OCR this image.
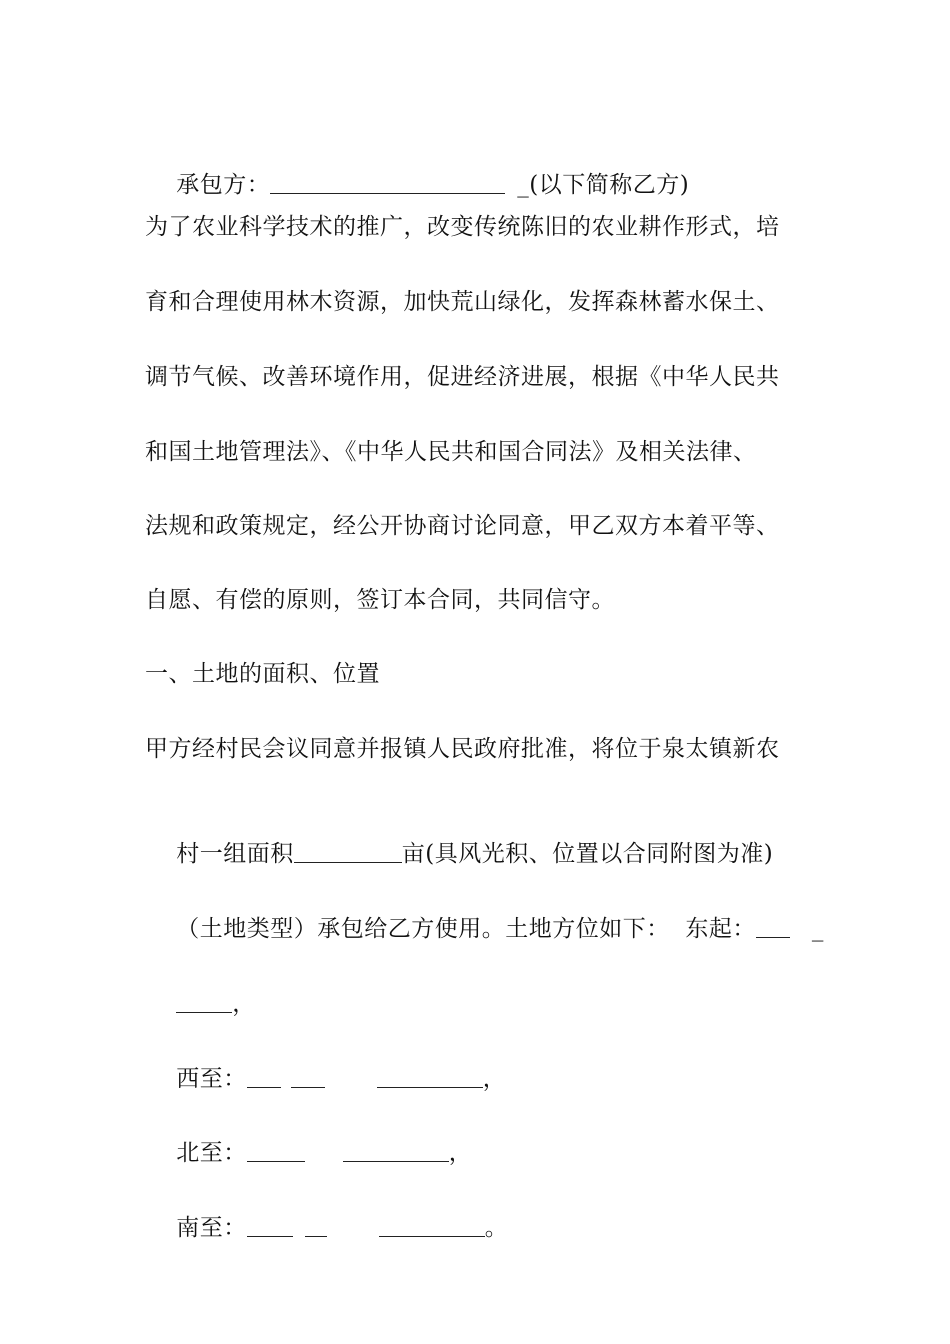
承包方：	_(以下简称乙方)

为了农业科学技术的推广，改变传统陈旧的农业耕作形式，培
育和合理使用林木资源，加快荒山绿化，发挥森林蓄水保土、
调节气候、改善环境作用，促进经济进展，根据《中华人民共
和国土地管理法》、《中华人民共和国合同法》及相关法律、
法规和政策规定，经公开协商讨论同意，甲乙双方本着平等、
自愿、有偿的原则，签订本合同，共同信守。
一、土地的面积、位置
甲方经村民会议同意并报镇人民政府批准，将位于泉太镇新农

村一组面积	亩(具风光积、位置以合同附图为准)

（土地类型）承包给乙方使用。土地方位如下：  东起： _

，

西至：	，

北至：	，

南至：	。
